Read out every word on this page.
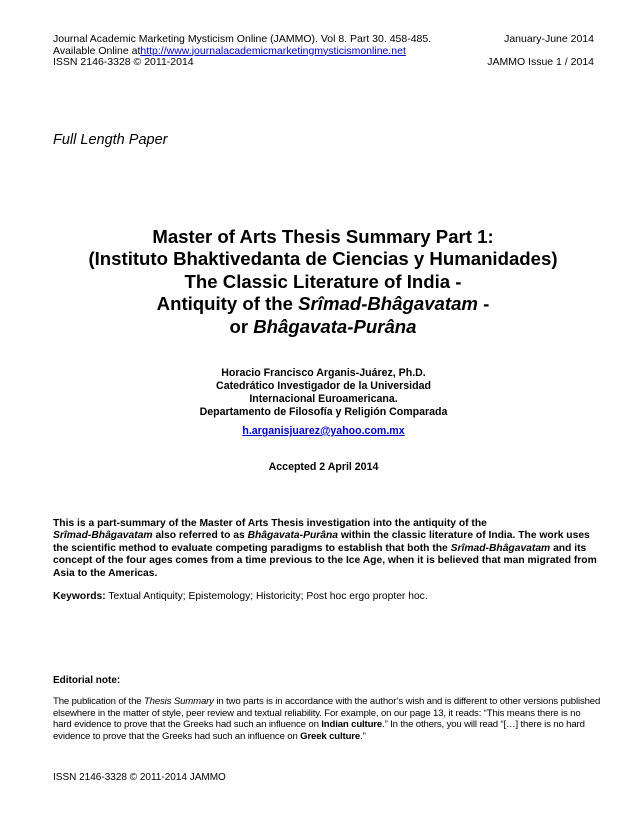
Journal Academic Marketing Mysticism Online (JAMMO). Vol 8. Part 30. 458-485.	January-June 2014
Available Online at http://www.journalacademicmarketingmysticismonline.net
ISSN 2146-3328 © 2011-2014	JAMMO Issue 1 / 2014
Full Length Paper
Master of Arts Thesis Summary Part 1:
(Instituto Bhaktivedanta de Ciencias y Humanidades)
The Classic Literature of India -
Antiquity of the Srîmad-Bhâgavatam -
or Bhâgavata-Purâna
Horacio Francisco Arganis-Juárez, Ph.D.
Catedrático Investigador de la Universidad
Internacional Euroamericana.
Departamento de Filosofía y Religión Comparada
h.arganisjuarez@yahoo.com.mx
Accepted 2 April 2014
This is a part-summary of the Master of Arts Thesis investigation into the antiquity of the
Srîmad-Bhâgavatam also referred to as Bhâgavata-Purâna within the classic literature of India. The work uses the scientific method to evaluate competing paradigms to establish that both the Srîmad-Bhâgavatam and its concept of the four ages comes from a time previous to the Ice Age, when it is believed that man migrated from Asia to the Americas.
Keywords: Textual Antiquity; Epistemology; Historicity; Post hoc ergo propter hoc.
Editorial note:
The publication of the Thesis Summary in two parts is in accordance with the author’s wish and is different to other versions published elsewhere in the matter of style, peer review and textual reliability. For example, on our page 13, it reads: “This means there is no hard evidence to prove that the Greeks had such an influence on Indian culture.” In the others, you will read “[…] there is no hard evidence to prove that the Greeks had such an influence on Greek culture.”
ISSN 2146-3328 © 2011-2014 JAMMO
